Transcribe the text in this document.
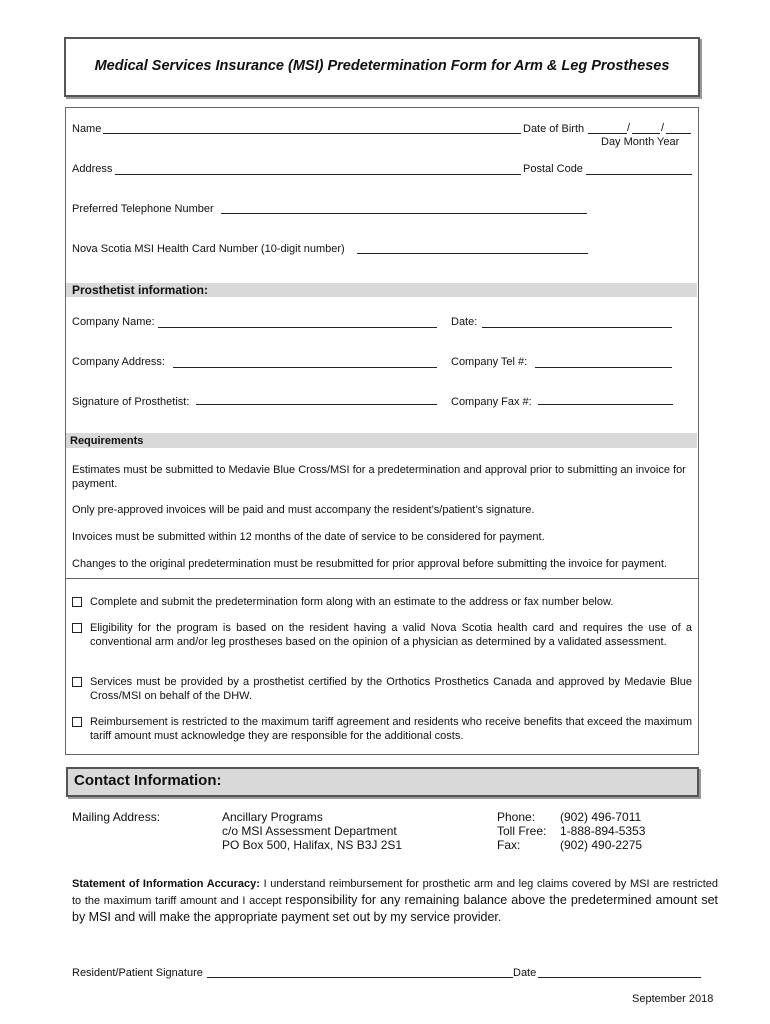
Medical Services Insurance (MSI) Predetermination Form for Arm & Leg Prostheses
Name	Date of Birth	/	/
Day Month Year
Address	Postal Code
Preferred Telephone Number
Nova Scotia MSI Health Card Number (10-digit number)
Prosthetist information:
Company Name:	Date:
Company Address:	Company Tel #:
Signature of Prosthetist:	Company Fax #:
Requirements
Estimates must be submitted to Medavie Blue Cross/MSI for a predetermination and approval prior to submitting an invoice for payment.
Only pre-approved invoices will be paid and must accompany the resident’s/patient’s signature.
Invoices must be submitted within 12 months of the date of service to be considered for payment.
Changes to the original predetermination must be resubmitted for prior approval before submitting the invoice for payment.
Complete and submit the predetermination form along with an estimate to the address or fax number below.
Eligibility for the program is based on the resident having a valid Nova Scotia health card and requires the use of a conventional arm and/or leg prostheses based on the opinion of a physician as determined by a validated assessment.
Services must be provided by a prosthetist certified by the Orthotics Prosthetics Canada and approved by Medavie Blue Cross/MSI on behalf of the DHW.
Reimbursement is restricted to the maximum tariff agreement and residents who receive benefits that exceed the maximum tariff amount must acknowledge they are responsible for the additional costs.
Contact Information:
Mailing Address:	Ancillary Programs
c/o MSI Assessment Department
PO Box 500, Halifax, NS B3J 2S1
Phone: (902) 496-7011
Toll Free: 1-888-894-5353
Fax:	(902) 490-2275
Statement of Information Accuracy: I understand reimbursement for prosthetic arm and leg claims covered by MSI are restricted to the maximum tariff amount and I accept responsibility for any remaining balance above the predetermined amount set by MSI and will make the appropriate payment set out by my service provider.
Resident/Patient Signature	Date
September 2018
